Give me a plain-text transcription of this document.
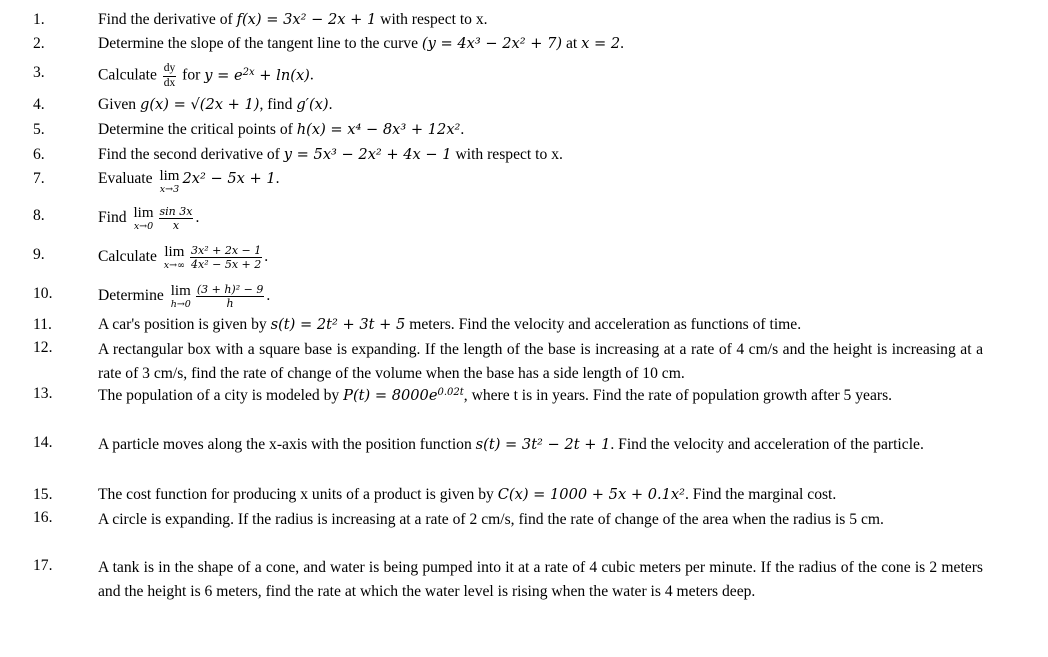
1.	Find the derivative of f(x) = 3x² − 2x + 1 with respect to x.
2.	Determine the slope of the tangent line to the curve (y = 4x³ − 2x² + 7) at x = 2.
3.	Calculate $\frac{dy}{dx}$ for $y = e^{2x} + \ln(x)$.
4.	Given g(x) = √(2x + 1), find g′(x).
5.	Determine the critical points of h(x) = x⁴ − 8x³ + 12x².
6.	Find the second derivative of y = 5x³ − 2x² + 4x − 1 with respect to x.
7.	Evaluate lim
x→3
2x² − 5x + 1.
8.	Find lim
$x\to 0 \frac{\sin 3x}{x}$ .
9.	Calculate lim
$x\to\infty \frac{\text{3x² + 2x − 1}}{\text{4x² − 5x + 2}}$ .
10.	Determine lim
$h\to 0 \frac{\text{(3 + h)² − 9}}{h}$ .
11.	A car's position is given by s(t) = 2t² + 3t + 5 meters. Find the velocity and acceleration as functions of time.
12.	A rectangular box with a square base is expanding. If the length of the base is increasing at a rate of 4 cm/s and the height is increasing at a rate of 3 cm/s, find the rate of change of the volume when the base has a side length of 10 cm.
13.	The population of a city is modeled by $P(t) = 8000e^{0.02t}$, where t is in years. Find the rate of population growth after 5 years.
14.	A particle moves along the x-axis with the position function s(t) = 3t² − 2t + 1. Find the velocity and acceleration of the particle.
15.	The cost function for producing x units of a product is given by C(x) = 1000 + 5x + 0.1x². Find the marginal cost.
16.	A circle is expanding. If the radius is increasing at a rate of 2 cm/s, find the rate of change of the area when the radius is 5 cm.
17.	A tank is in the shape of a cone, and water is being pumped into it at a rate of 4 cubic meters per minute. If the radius of the cone is 2 meters and the height is 6 meters, find the rate at which the water level is rising when the water is 4 meters deep.
